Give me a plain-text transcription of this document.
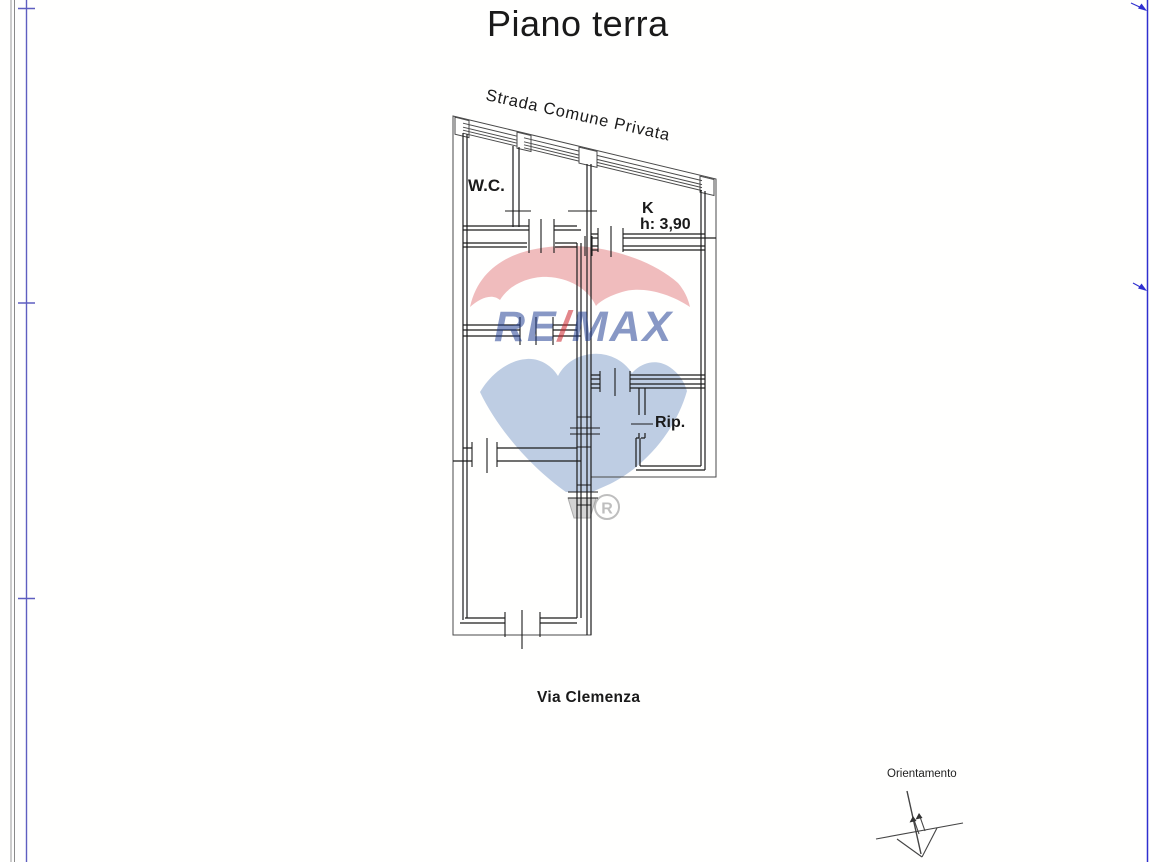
R
Piano terra
Strada Comune Privata
W.C.
K
h: 3,90
Rip.
Via Clemenza
Orientamento
RE/MAX
